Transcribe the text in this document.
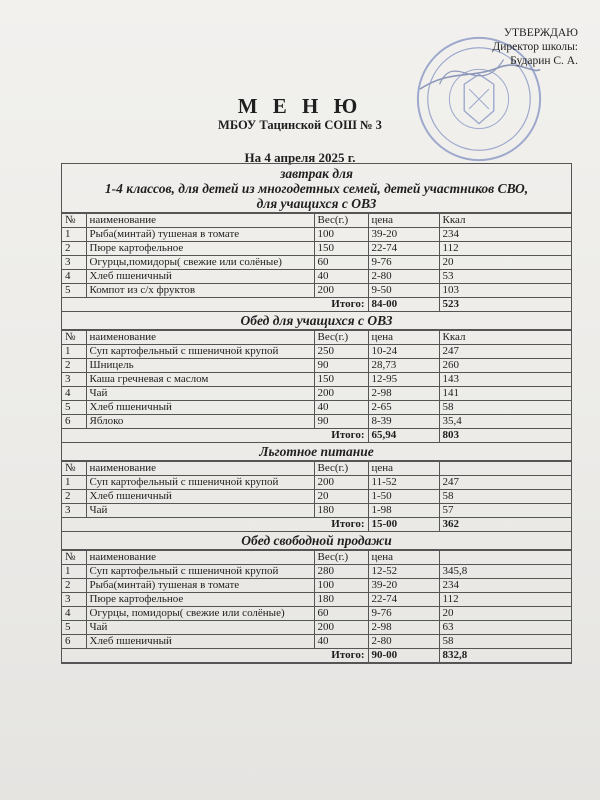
УТВЕРЖДАЮ
Директор школы:
Бударин С. А.
М Е Н Ю
МБОУ Тацинской СОШ № 3
На 4 апреля 2025 г.
завтрак для
1-4 классов, для детей из многодетных семей, детей участников СВО,
для учащихся с ОВЗ
№	наименование	Вес(г.)	цена	Ккал
1	Рыба(минтай) тушеная в томате	100	39-20	234
2	Пюре картофельное	150	22-74	112
3	Огурцы,помидоры( свежие или солёные)	60	9-76	20
4	Хлеб пшеничный	40	2-80	53
5	Компот из с/х фруктов	200	9-50	103
Итого:			84-00	523
Обед для учащихся с ОВЗ
№	наименование	Вес(г.)	цена	Ккал
1	Суп картофельный с пшеничной крупой	250	10-24	247
2	Шницель	90	28,73	260
3	Каша гречневая с маслом	150	12-95	143
4	Чай	200	2-98	141
5	Хлеб пшеничный	40	2-65	58
6	Яблоко	90	8-39	35,4
Итого:			65,94	803
Льготное питание
№	наименование	Вес(г.)	цена	
1	Суп картофельный с пшеничной крупой	200	11-52	247
2	Хлеб пшеничный	20	1-50	58
3	Чай	180	1-98	57
Итого:			15-00	362
Обед свободной продажи
№	наименование	Вес(г.)	цена	
1	Суп картофельный с пшеничной крупой	280	12-52	345,8
2	Рыба(минтай) тушеная в томате	100	39-20	234
3	Пюре картофельное	180	22-74	112
4	Огурцы, помидоры( свежие или солёные)	60	9-76	20
5	Чай	200	2-98	63
6	Хлеб пшеничный	40	2-80	58
Итого:			90-00	832,8
